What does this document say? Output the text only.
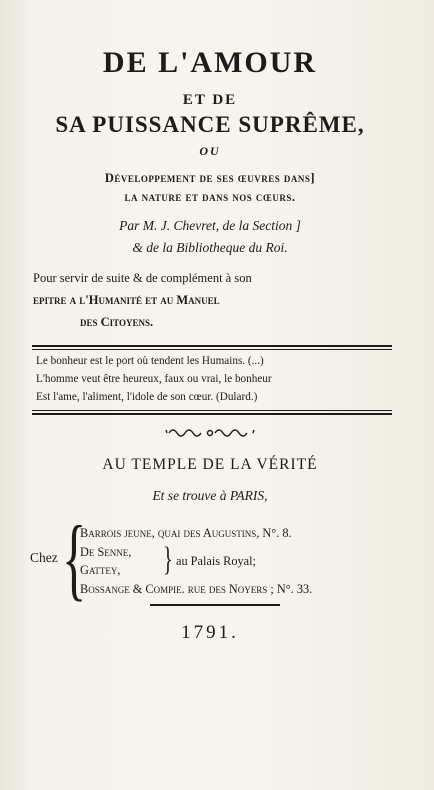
DE L'AMOUR
ET DE
SA PUISSANCE SUPRÊME,
OU
Développement de ses œuvres dans]
la nature et dans nos cœurs.
Par M. J. Chevret, de la Section ]
& de la Bibliotheque du Roi.
Pour servir de suite & de complément à son
epitre a l'Humanité et au Manuel
des Citoyens.
Le bonheur est le port où tendent les Humains. (...)
L'homme veut être heureux, faux ou vrai, le bonheur
Est l'ame, l'aliment, l'idole de son cœur. (Dulard.)
AU TEMPLE DE LA VÉRITÉ
Et se trouve à PARIS,
Chez {
Barrois jeune, quai des Augustins, N°. 8.
De Senne,
Gattey, } au Palais Royal;
Bossange & Compie. rue des Noyers ; N°. 33.
1791.
